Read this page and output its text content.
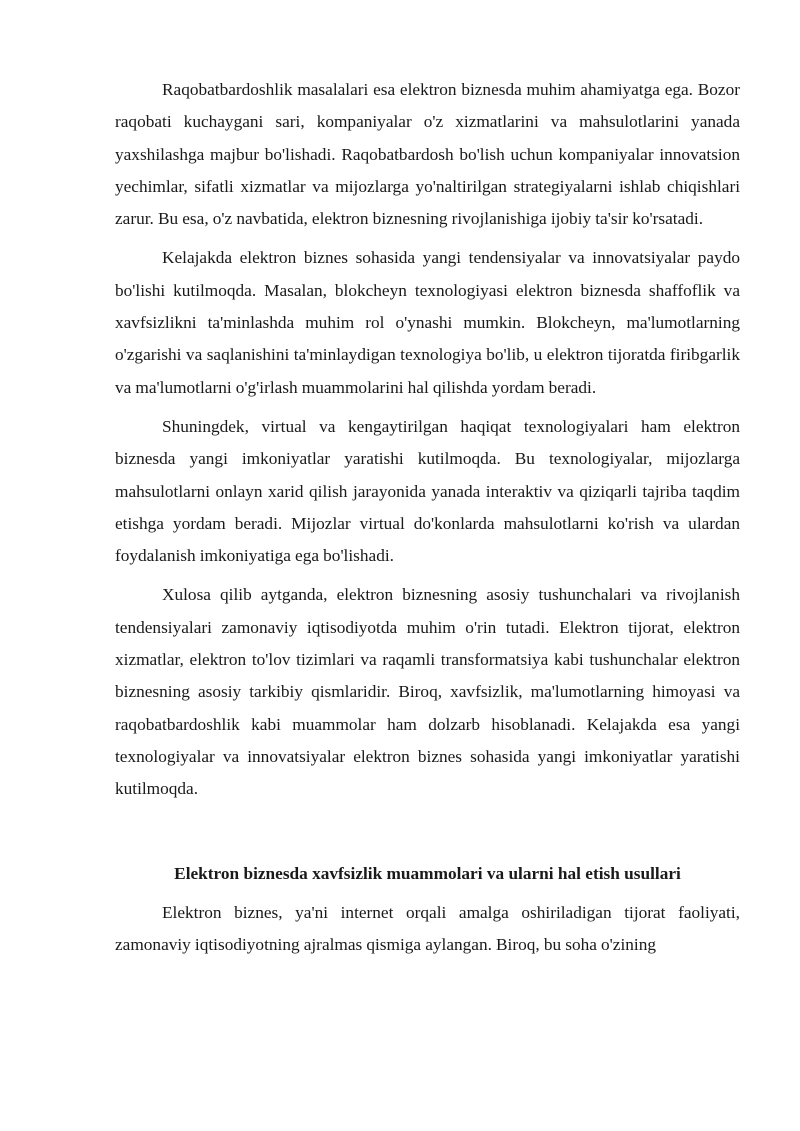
Raqobatbardoshlik masalalari esa elektron biznesda muhim ahamiyatga ega. Bozor raqobati kuchaygani sari, kompaniyalar o'z xizmatlarini va mahsulotlarini yanada yaxshilashga majbur bo'lishadi. Raqobatbardosh bo'lish uchun kompaniyalar innovatsion yechimlar, sifatli xizmatlar va mijozlarga yo'naltirilgan strategiyalarni ishlab chiqishlari zarur. Bu esa, o'z navbatida, elektron biznesning rivojlanishiga ijobiy ta'sir ko'rsatadi.

Kelajakda elektron biznes sohasida yangi tendensiyalar va innovatsiyalar paydo bo'lishi kutilmoqda. Masalan, blokcheyn texnologiyasi elektron biznesda shaffoflik va xavfsizlikni ta'minlashda muhim rol o'ynashi mumkin. Blokcheyn, ma'lumotlarning o'zgarishi va saqlanishini ta'minlaydigan texnologiya bo'lib, u elektron tijoratda firibgarlik va ma'lumotlarni o'g'irlash muammolarini hal qilishda yordam beradi.

Shuningdek, virtual va kengaytirilgan haqiqat texnologiyalari ham elektron biznesda yangi imkoniyatlar yaratishi kutilmoqda. Bu texnologiyalar, mijozlarga mahsulotlarni onlayn xarid qilish jarayonida yanada interaktiv va qiziqarli tajriba taqdim etishga yordam beradi. Mijozlar virtual do'konlarda mahsulotlarni ko'rish va ulardan foydalanish imkoniyatiga ega bo'lishadi.

Xulosa qilib aytganda, elektron biznesning asosiy tushunchalari va rivojlanish tendensiyalari zamonaviy iqtisodiyotda muhim o'rin tutadi. Elektron tijorat, elektron xizmatlar, elektron to'lov tizimlari va raqamli transformatsiya kabi tushunchalar elektron biznesning asosiy tarkibiy qismlaridir. Biroq, xavfsizlik, ma'lumotlarning himoyasi va raqobatbardoshlik kabi muammolar ham dolzarb hisoblanadi. Kelajakda esa yangi texnologiyalar va innovatsiyalar elektron biznes sohasida yangi imkoniyatlar yaratishi kutilmoqda.

Elektron biznesda xavfsizlik muammolari va ularni hal etish usullari

Elektron biznes, ya'ni internet orqali amalga oshiriladigan tijorat faoliyati, zamonaviy iqtisodiyotning ajralmas qismiga aylangan. Biroq, bu soha o'zining
